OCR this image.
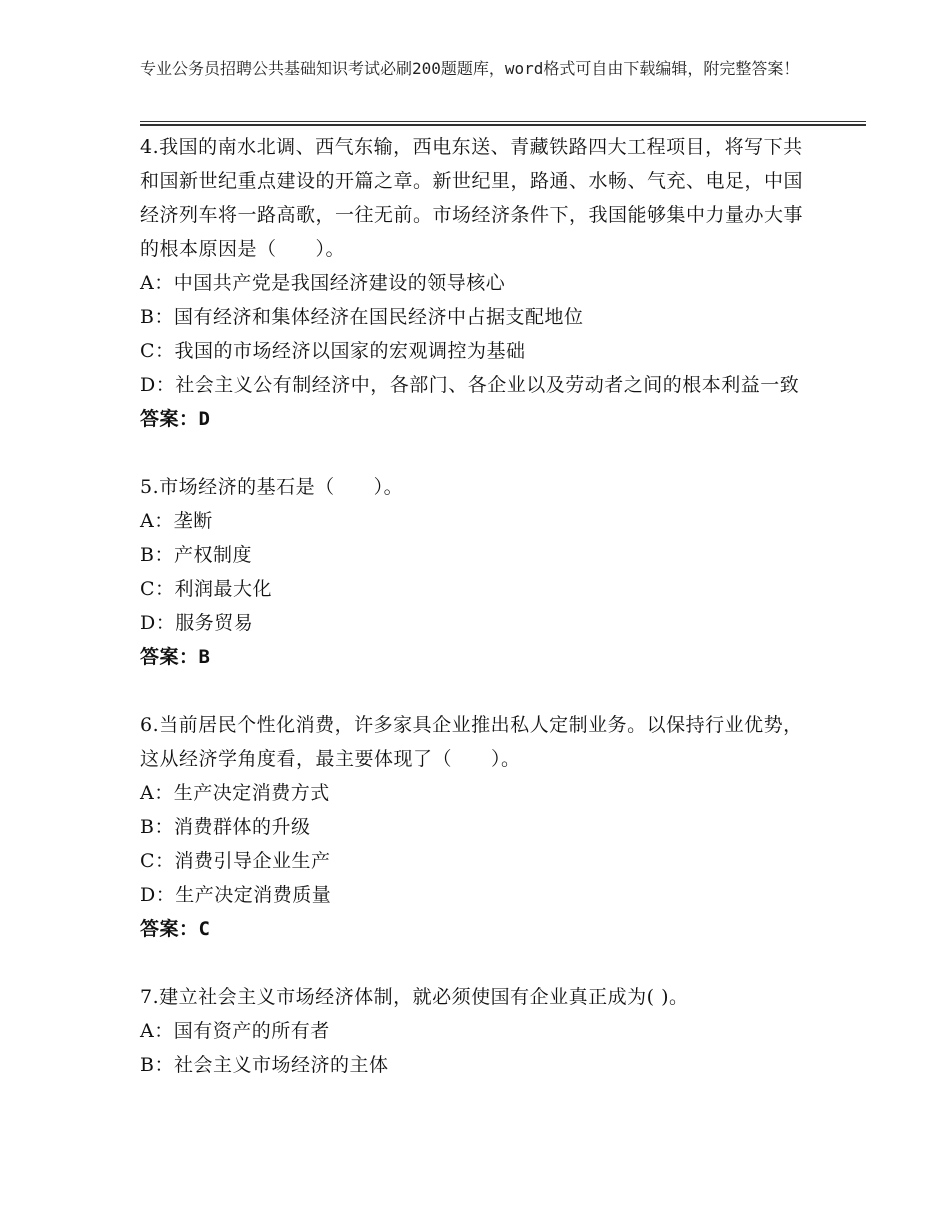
专业公务员招聘公共基础知识考试必刷200题题库，word格式可自由下载编辑，附完整答案！

4.我国的南水北调、西气东输，西电东送、青藏铁路四大工程项目，将写下共和国新世纪重点建设的开篇之章。新世纪里，路通、水畅、气充、电足，中国经济列车将一路高歌，一往无前。市场经济条件下，我国能够集中力量办大事的根本原因是（　　）。

A：中国共产党是我国经济建设的领导核心

B：国有经济和集体经济在国民经济中占据支配地位

C：我国的市场经济以国家的宏观调控为基础

D：社会主义公有制经济中，各部门、各企业以及劳动者之间的根本利益一致

答案：D

5.市场经济的基石是（　　）。

A：垄断

B：产权制度

C：利润最大化

D：服务贸易

答案：B

6.当前居民个性化消费，许多家具企业推出私人定制业务。以保持行业优势，这从经济学角度看，最主要体现了（　　）。

A：生产决定消费方式

B：消费群体的升级

C：消费引导企业生产

D：生产决定消费质量

答案：C

7.建立社会主义市场经济体制，就必须使国有企业真正成为( )。

A：国有资产的所有者

B：社会主义市场经济的主体
